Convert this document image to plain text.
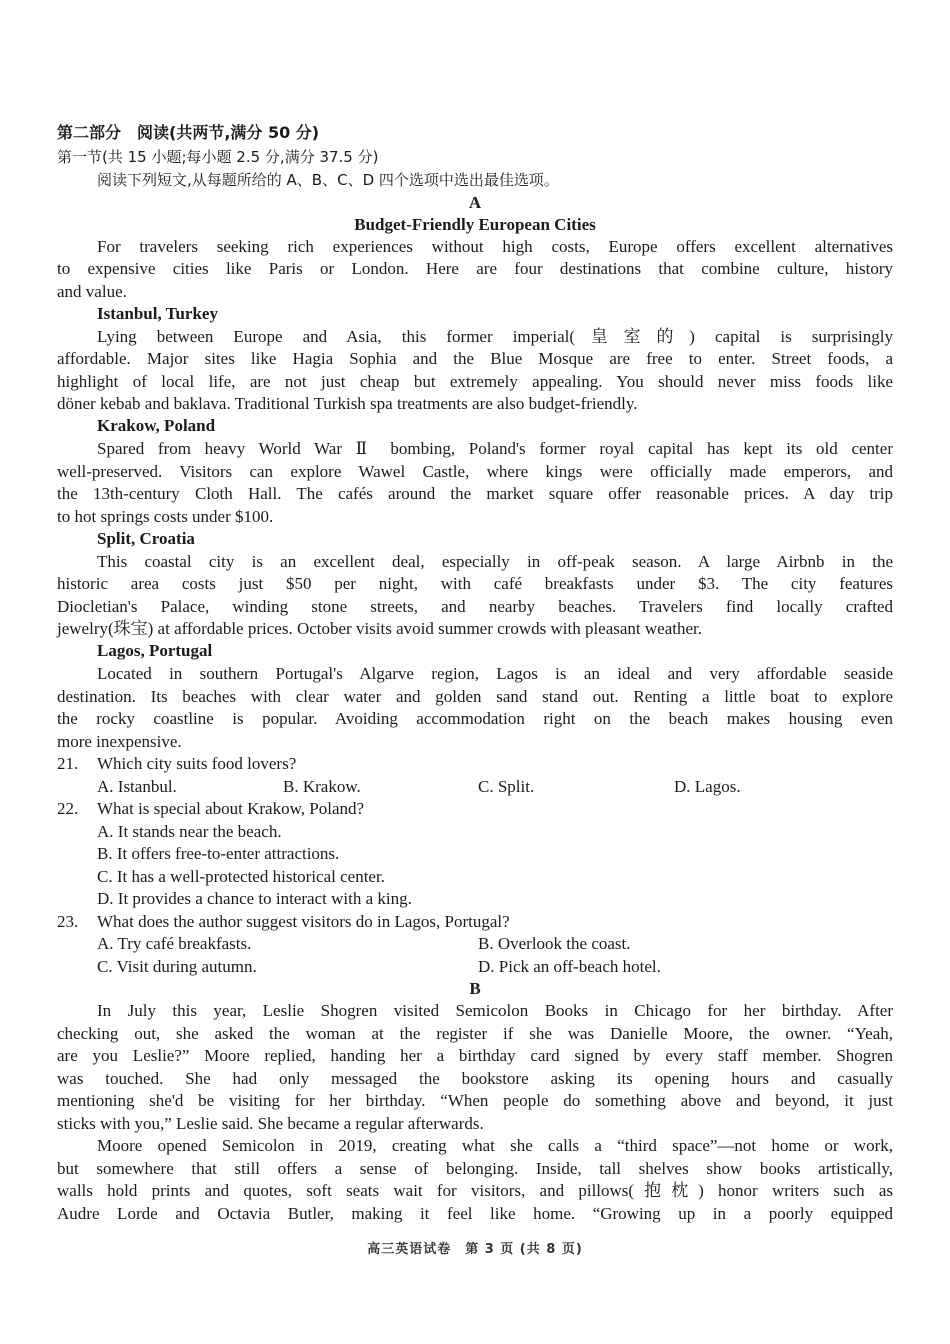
第二部分　阅读(共两节,满分 50 分)
第一节(共 15 小题;每小题 2.5 分,满分 37.5 分)
阅读下列短文,从每题所给的 A、B、C、D 四个选项中选出最佳选项。
A
Budget-Friendly European Cities
For travelers seeking rich experiences without high costs, Europe offers excellent alternatives
to expensive cities like Paris or London. Here are four destinations that combine culture, history
and value.
Istanbul, Turkey
Lying between Europe and Asia, this former imperial(皇室的) capital is surprisingly
affordable. Major sites like Hagia Sophia and the Blue Mosque are free to enter. Street foods, a
highlight of local life, are not just cheap but extremely appealing. You should never miss foods like
döner kebab and baklava. Traditional Turkish spa treatments are also budget-friendly.
Krakow, Poland
Spared from heavy World War Ⅱ bombing, Poland's former royal capital has kept its old center
well-preserved. Visitors can explore Wawel Castle, where kings were officially made emperors, and
the 13th-century Cloth Hall. The cafés around the market square offer reasonable prices. A day trip
to hot springs costs under $100.
Split, Croatia
This coastal city is an excellent deal, especially in off-peak season. A large Airbnb in the
historic area costs just $50 per night, with café breakfasts under $3. The city features
Diocletian's Palace, winding stone streets, and nearby beaches. Travelers find locally crafted
jewelry(珠宝) at affordable prices. October visits avoid summer crowds with pleasant weather.
Lagos, Portugal
Located in southern Portugal's Algarve region, Lagos is an ideal and very affordable seaside
destination. Its beaches with clear water and golden sand stand out. Renting a little boat to explore
the rocky coastline is popular. Avoiding accommodation right on the beach makes housing even
more inexpensive.
21.	Which city suits food lovers?
A. Istanbul.	B. Krakow.	C. Split.	D. Lagos.
22.	What is special about Krakow, Poland?
A. It stands near the beach.
B. It offers free-to-enter attractions.
C. It has a well-protected historical center.
D. It provides a chance to interact with a king.
23.	What does the author suggest visitors do in Lagos, Portugal?
A. Try café breakfasts.	B. Overlook the coast.
C. Visit during autumn.	D. Pick an off-beach hotel.
B
In July this year, Leslie Shogren visited Semicolon Books in Chicago for her birthday. After
checking out, she asked the woman at the register if she was Danielle Moore, the owner. “Yeah,
are you Leslie?” Moore replied, handing her a birthday card signed by every staff member. Shogren
was touched. She had only messaged the bookstore asking its opening hours and casually
mentioning she'd be visiting for her birthday. “When people do something above and beyond, it just
sticks with you,” Leslie said. She became a regular afterwards.
Moore opened Semicolon in 2019, creating what she calls a “third space”—not home or work,
but somewhere that still offers a sense of belonging. Inside, tall shelves show books artistically,
walls hold prints and quotes, soft seats wait for visitors, and pillows(抱枕) honor writers such as
Audre Lorde and Octavia Butler, making it feel like home. “Growing up in a poorly equipped
高三英语试卷　第 3 页 (共 8 页)
